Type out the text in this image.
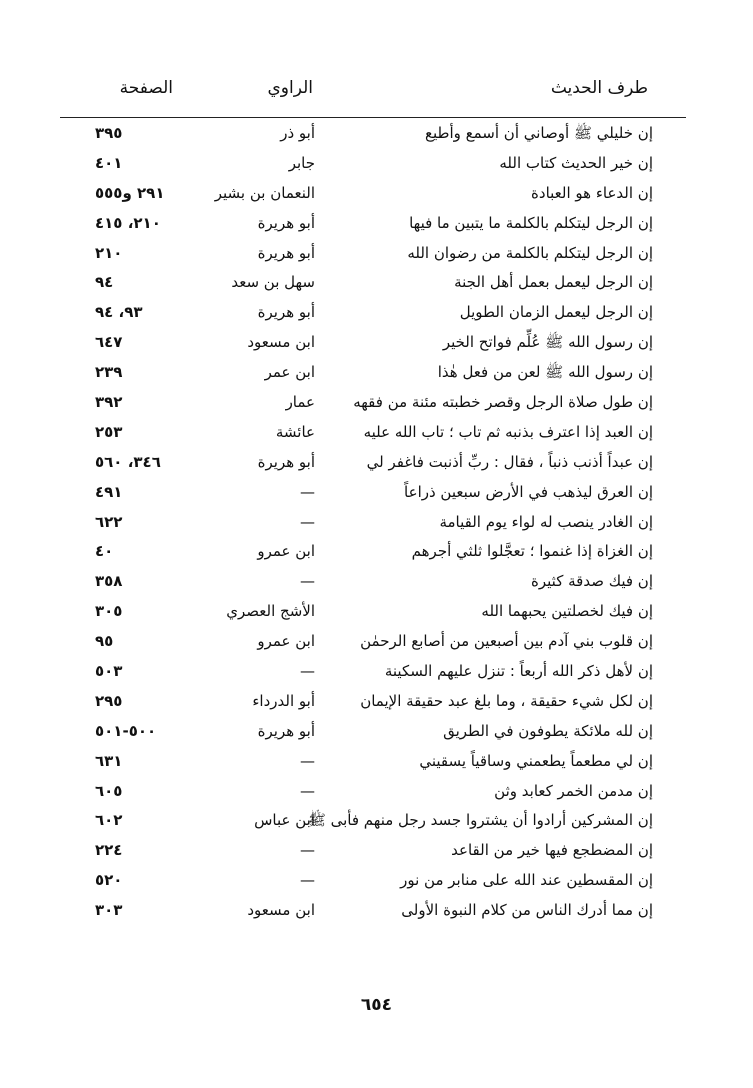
طرف الحديث
الراوي
الصفحة
إن خليلي ﷺ أوصاني أن أسمع وأطيع
أبو ذر
٣٩٥
إن خير الحديث كتاب الله
جابر
٤٠١
إن الدعاء هو العبادة
النعمان بن بشير
٢٩١ و٥٥٥
إن الرجل ليتكلم بالكلمة ما يتبين ما فيها
أبو هريرة
٢١٠، ٤١٥
إن الرجل ليتكلم بالكلمة من رضوان الله
أبو هريرة
٢١٠
إن الرجل ليعمل بعمل أهل الجنة
سهل بن سعد
٩٤
إن الرجل ليعمل الزمان الطويل
أبو هريرة
٩٣، ٩٤
إن رسول الله ﷺ عُلِّم فواتح الخير
ابن مسعود
٦٤٧
إن رسول الله ﷺ لعن من فعل هٰذا
ابن عمر
٢٣٩
إن طول صلاة الرجل وقصر خطبته مئنة من فقهه
عمار
٣٩٢
إن العبد إذا اعترف بذنبه ثم تاب ؛ تاب الله عليه
عائشة
٢٥٣
إن عبداً أذنب ذنباً ، فقال : ربِّ أذنبت فاغفر لي
أبو هريرة
٣٤٦، ٥٦٠
إن العرق ليذهب في الأرض سبعين ذراعاً
—
٤٩١
إن الغادر ينصب له لواء يوم القيامة
—
٦٢٢
إن الغزاة إذا غنموا ؛ تعجَّلوا ثلثي أجرهم
ابن عمرو
٤٠
إن فيك صدقة كثيرة
—
٣٥٨
إن فيك لخصلتين يحبهما الله
الأشج العصري
٣٠٥
إن قلوب بني آدم بين أصبعين من أصابع الرحمٰن
ابن عمرو
٩٥
إن لأهل ذكر الله أربعاً : تنزل عليهم السكينة
—
٥٠٣
إن لكل شيء حقيقة ، وما بلغ عبد حقيقة الإيمان
أبو الدرداء
٢٩٥
إن لله ملائكة يطوفون في الطريق
أبو هريرة
٥٠٠-٥٠١
إن لي مطعماً يطعمني وساقياً يسقيني
—
٦٣١
إن مدمن الخمر كعابد وثن
—
٦٠٥
إن المشركين أرادوا أن يشتروا جسد رجل منهم فأبى ﷺ
ابن عباس
٦٠٢
إن المضطجع فيها خير من القاعد
—
٢٢٤
إن المقسطين عند الله على منابر من نور
—
٥٢٠
إن مما أدرك الناس من كلام النبوة الأولى
ابن مسعود
٣٠٣
٦٥٤
